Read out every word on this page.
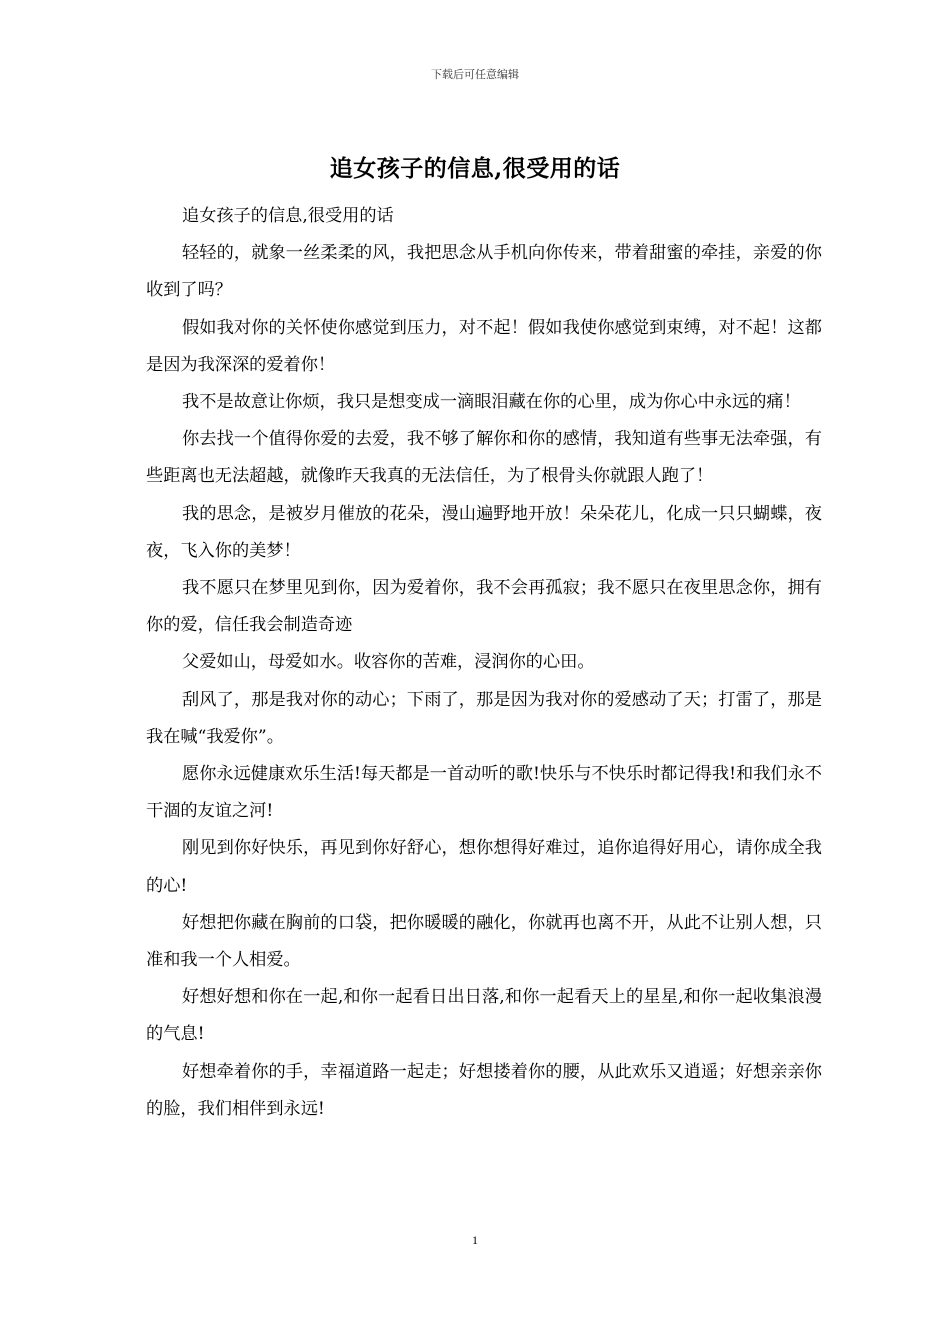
下载后可任意编辑
追女孩子的信息,很受用的话

追女孩子的信息,很受用的话

轻轻的，就象一丝柔柔的风，我把思念从手机向你传来，带着甜蜜的牵挂，亲爱的你收到了吗？

假如我对你的关怀使你感觉到压力，对不起！假如我使你感觉到束缚，对不起！这都是因为我深深的爱着你！

我不是故意让你烦，我只是想变成一滴眼泪藏在你的心里，成为你心中永远的痛！

你去找一个值得你爱的去爱，我不够了解你和你的感情，我知道有些事无法牵强，有些距离也无法超越，就像昨天我真的无法信任，为了根骨头你就跟人跑了！

我的思念，是被岁月催放的花朵，漫山遍野地开放！朵朵花儿，化成一只只蝴蝶，夜夜，飞入你的美梦！

我不愿只在梦里见到你，因为爱着你，我不会再孤寂；我不愿只在夜里思念你，拥有你的爱，信任我会制造奇迹

父爱如山，母爱如水。收容你的苦难，浸润你的心田。

刮风了，那是我对你的动心；下雨了，那是因为我对你的爱感动了天；打雷了，那是我在喊“我爱你”。

愿你永远健康欢乐生活!每天都是一首动听的歌!快乐与不快乐时都记得我!和我们永不干涸的友谊之河!

刚见到你好快乐，再见到你好舒心，想你想得好难过，追你追得好用心，请你成全我的心!

好想把你藏在胸前的口袋，把你暖暖的融化，你就再也离不开，从此不让别人想，只准和我一个人相爱。

好想好想和你在一起,和你一起看日出日落,和你一起看天上的星星,和你一起收集浪漫的气息!

好想牵着你的手，幸福道路一起走；好想搂着你的腰，从此欢乐又逍遥；好想亲亲你的脸，我们相伴到永远!

1
